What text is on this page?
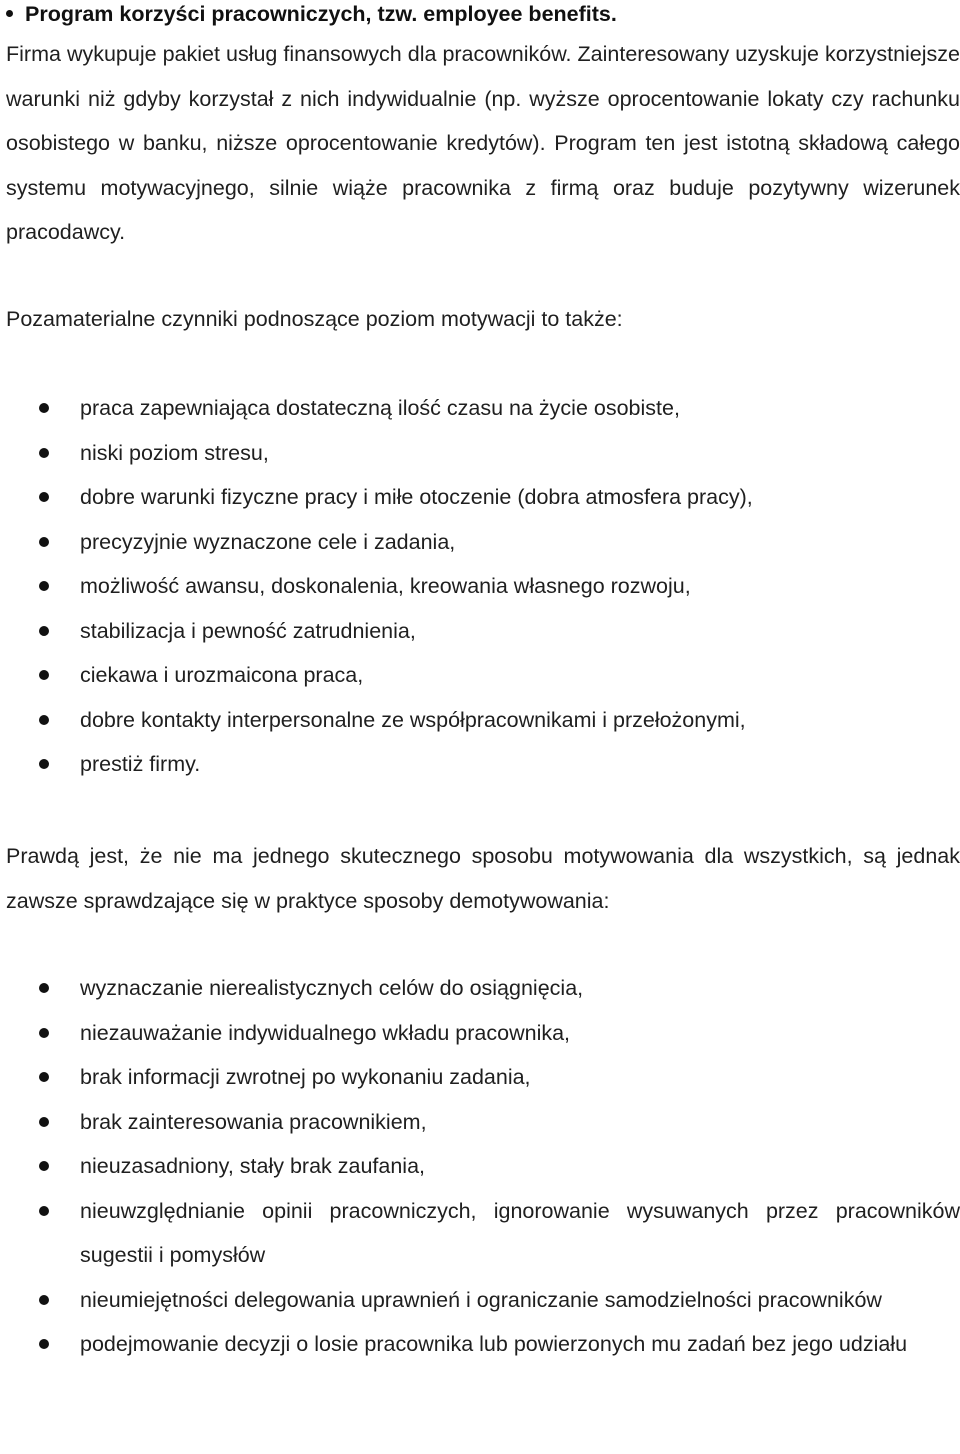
Program korzyści pracowniczych, tzw. employee benefits.

Firma wykupuje pakiet usług finansowych dla pracowników. Zainteresowany uzyskuje korzystniejsze warunki niż gdyby korzystał z nich indywidualnie (np. wyższe oprocentowanie lokaty czy rachunku osobistego w banku, niższe oprocentowanie kredytów). Program ten jest istotną składową całego systemu motywacyjnego, silnie wiąże pracownika z firmą oraz buduje pozytywny wizerunek pracodawcy.

Pozamaterialne czynniki podnoszące poziom motywacji to także:

praca zapewniająca dostateczną ilość czasu na życie osobiste,
niski poziom stresu,
dobre warunki fizyczne pracy i miłe otoczenie (dobra atmosfera pracy),
precyzyjnie wyznaczone cele i zadania,
możliwość awansu, doskonalenia, kreowania własnego rozwoju,
stabilizacja i pewność zatrudnienia,
ciekawa i urozmaicona praca,
dobre kontakty interpersonalne ze współpracownikami i przełożonymi,
prestiż firmy.

Prawdą jest, że nie ma jednego skutecznego sposobu motywowania dla wszystkich, są jednak zawsze sprawdzające się w praktyce sposoby demotywowania:

wyznaczanie nierealistycznych celów do osiągnięcia,
niezauważanie indywidualnego wkładu pracownika,
brak informacji zwrotnej po wykonaniu zadania,
brak zainteresowania pracownikiem,
nieuzasadniony, stały brak zaufania,
nieuwzględnianie opinii pracowniczych, ignorowanie wysuwanych przez pracowników sugestii i pomysłów
nieumiejętności delegowania uprawnień i ograniczanie samodzielności pracowników
podejmowanie decyzji o losie pracownika lub powierzonych mu zadań bez jego udziału
